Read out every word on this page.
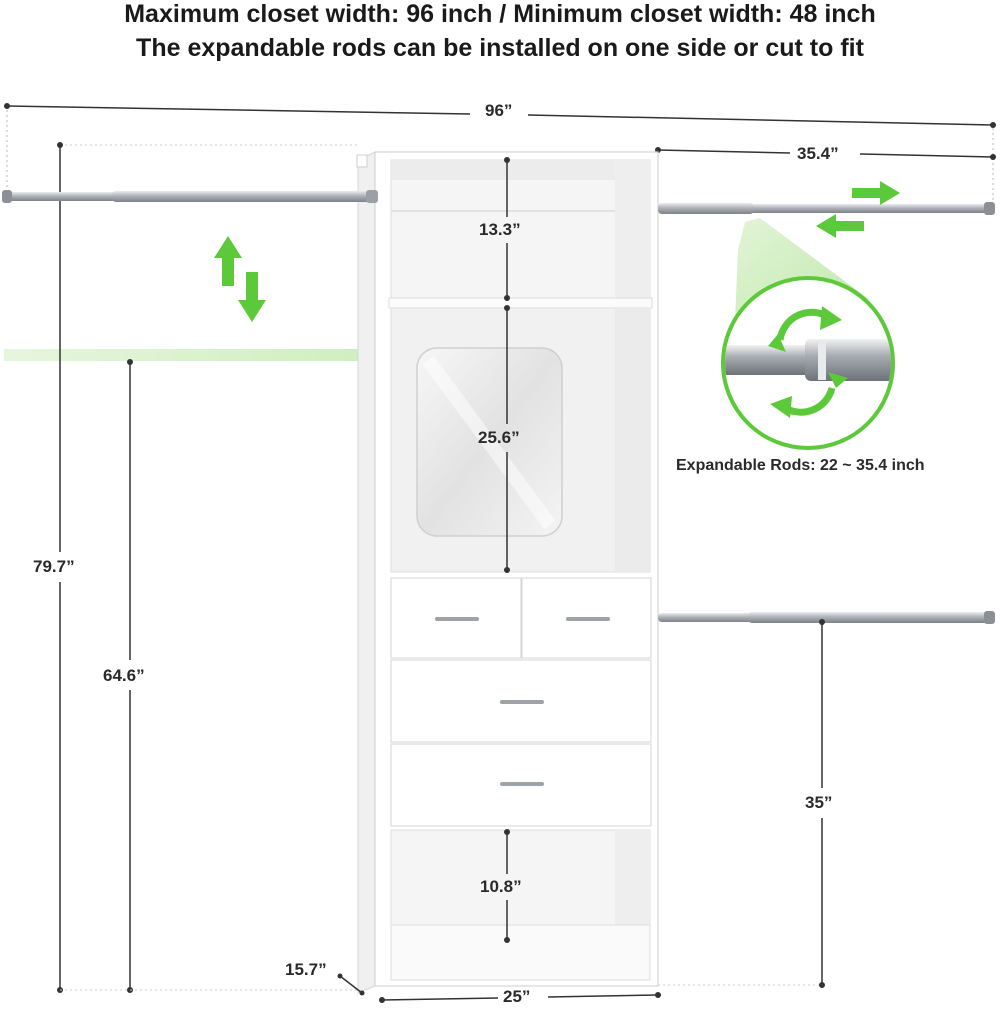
Maximum closet width: 96 inch / Minimum closet width: 48 inch
The expandable rods can be installed on one side or cut to fit
96”
35.4”
13.3”
25.6”
79.7”
64.6”
35”
10.8”
15.7”
25”
Expandable Rods: 22 ~ 35.4 inch
